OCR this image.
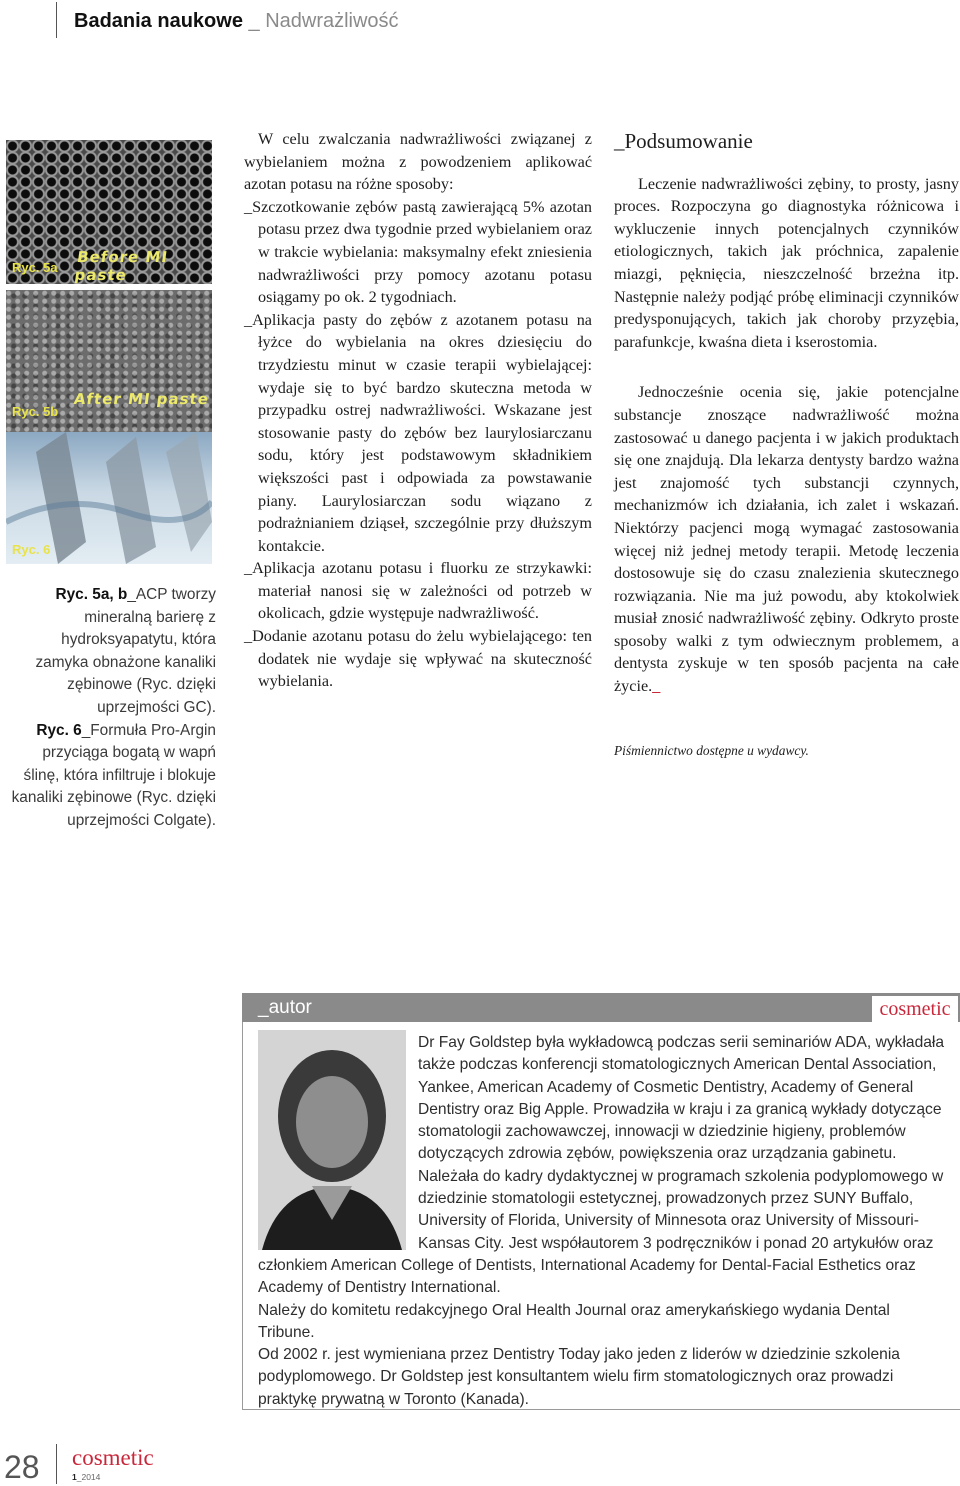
Badania naukowe _ Nadwrażliwość
Before MI paste
Ryc. 5a
After MI paste
Ryc. 5b
Ryc. 6

Ryc. 5a, b_ACP tworzy mineralną barierę z hydroksyapatytu, która zamyka obnażone kanaliki zębinowe (Ryc. dzięki uprzejmości GC).

Ryc. 6_Formuła Pro-Argin przyciąga bogatą w wapń ślinę, która infiltruje i blokuje kanaliki zębinowe (Ryc. dzięki uprzejmości Colgate).

W celu zwalczania nadwrażliwości związanej z wybielaniem można z powodzeniem aplikować azotan potasu na różne sposoby:

_Szczotkowanie zębów pastą zawierającą 5% azotan potasu przez dwa tygodnie przed wybielaniem oraz w trakcie wybielania: maksymalny efekt zniesienia nadwrażliwości przy pomocy azotanu potasu osiągamy po ok. 2 tygodniach.

_Aplikacja pasty do zębów z azotanem potasu na łyżce do wybielania na okres dziesięciu do trzydziestu minut w czasie terapii wybielającej: wydaje się to być bardzo skuteczna metoda w przypadku ostrej nadwrażliwości. Wskazane jest stosowanie pasty do zębów bez laurylosiarczanu sodu, który jest podstawowym składnikiem większości past i odpowiada za powstawanie piany. Laurylosiarczan sodu wiązano z podrażnianiem dziąseł, szczególnie przy dłuższym kontakcie.

_Aplikacja azotanu potasu i fluorku ze strzykawki: materiał nanosi się w zależności od potrzeb w okolicach, gdzie występuje nadwrażliwość.

_Dodanie azotanu potasu do żelu wybielającego: ten dodatek nie wydaje się wpływać na skuteczność wybielania.

_Podsumowanie

Leczenie nadwrażliwości zębiny, to prosty, jasny proces. Rozpoczyna go diagnostyka różnicowa i wykluczenie innych potencjalnych czynników etiologicznych, takich jak próchnica, zapalenie miazgi, pęknięcia, nieszczelność brzeżna itp. Następnie należy podjąć próbę eliminacji czynników predysponujących, takich jak choroby przyzębia, parafunkcje, kwaśna dieta i kserostomia.

Jednocześnie ocenia się, jakie potencjalne substancje znoszące nadwrażliwość można zastosować u danego pacjenta i w jakich produktach się one znajdują. Dla lekarza dentysty bardzo ważna jest znajomość tych substancji czynnych, mechanizmów ich działania, ich zalet i wskazań. Niektórzy pacjenci mogą wymagać zastosowania więcej niż jednej metody terapii. Metodę leczenia dostosowuje się do czasu znalezienia skutecznego rozwiązania. Nie ma już powodu, aby ktokolwiek musiał znosić nadwrażliwość zębiny. Odkryto proste sposoby walki z tym odwiecznym problemem, a dentysta zyskuje w ten sposób pacjenta na całe życie._

Piśmiennictwo dostępne u wydawcy.

_autor	cosmetic

Dr Fay Goldstep była wykładowcą podczas serii seminariów ADA, wykładała także podczas konferencji stomatologicznych American Dental Association, Yankee, American Academy of Cosmetic Dentistry, Academy of General Dentistry oraz Big Apple. Prowadziła w kraju i za granicą wykłady dotyczące stomatologii zachowawczej, innowacji w dziedzinie higieny, problemów dotyczących zdrowia zębów, powiększenia oraz urządzania gabinetu. Należała do kadry dydaktycznej w programach szkolenia podyplomowego w dziedzinie stomatologii estetycznej, prowadzonych przez SUNY Buffalo, University of Florida, University of Minnesota oraz University of Missouri-Kansas City. Jest współautorem 3 podręczników i ponad 20 artykułów oraz członkiem American College of Dentists, International Academy for Dental-Facial Esthetics oraz Academy of Dentistry International.

Należy do komitetu redakcyjnego Oral Health Journal oraz amerykańskiego wydania Dental Tribune.

Od 2002 r. jest wymieniana przez Dentistry Today jako jeden z liderów w dziedzinie szkolenia podyplomowego. Dr Goldstep jest konsultantem wielu firm stomatologicznych oraz prowadzi praktykę prywatną w Toronto (Kanada).

28 cosmetic
1_2014
